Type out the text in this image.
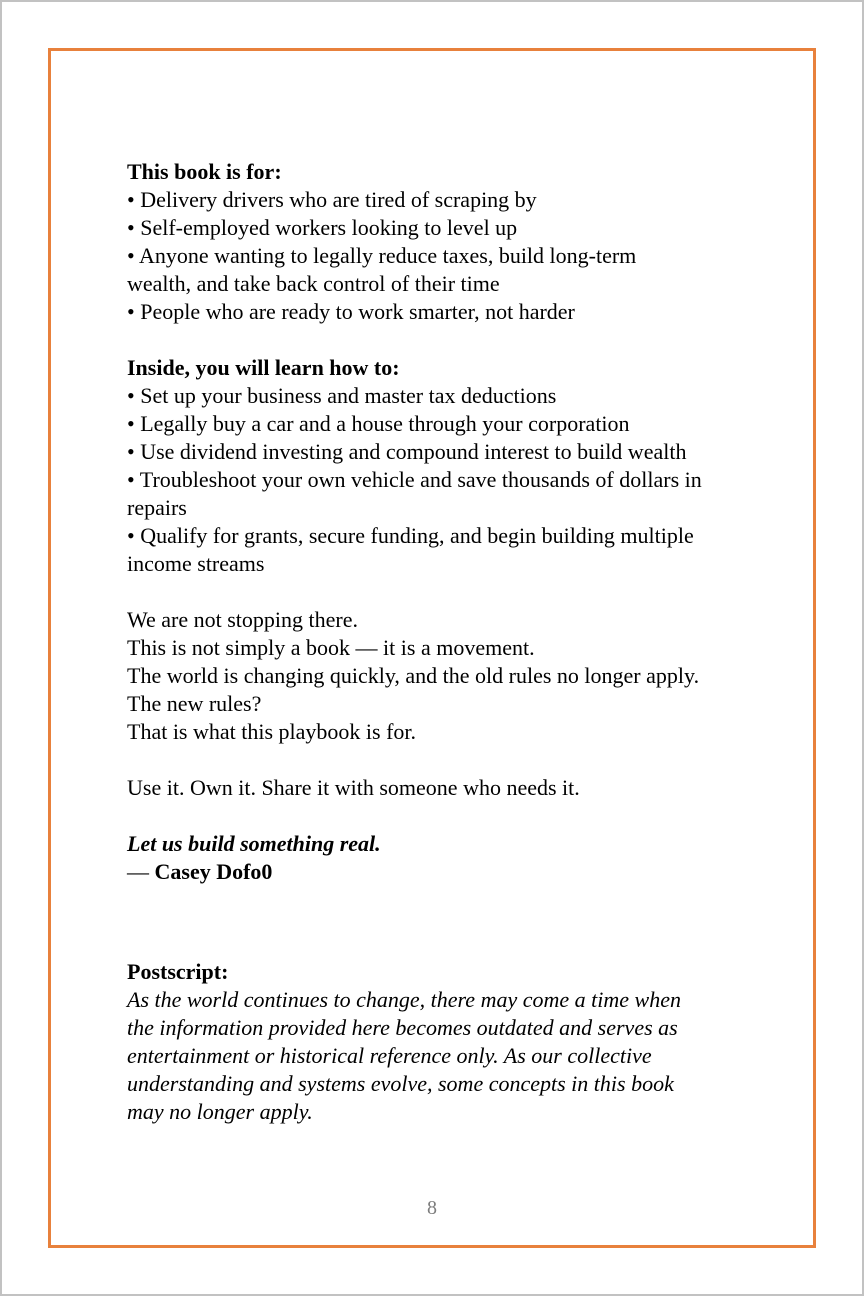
This book is for:
• Delivery drivers who are tired of scraping by
• Self-employed workers looking to level up
• Anyone wanting to legally reduce taxes, build long-term
wealth, and take back control of their time
• People who are ready to work smarter, not harder
Inside, you will learn how to:
• Set up your business and master tax deductions
• Legally buy a car and a house through your corporation
• Use dividend investing and compound interest to build wealth
• Troubleshoot your own vehicle and save thousands of dollars in
repairs
• Qualify for grants, secure funding, and begin building multiple
income streams
We are not stopping there.
This is not simply a book — it is a movement.
The world is changing quickly, and the old rules no longer apply.
The new rules?
That is what this playbook is for.
Use it. Own it. Share it with someone who needs it.
Let us build something real.
— Casey Dofo0
Postscript:
As the world continues to change, there may come a time when
the information provided here becomes outdated and serves as
entertainment or historical reference only. As our collective
understanding and systems evolve, some concepts in this book
may no longer apply.
8
